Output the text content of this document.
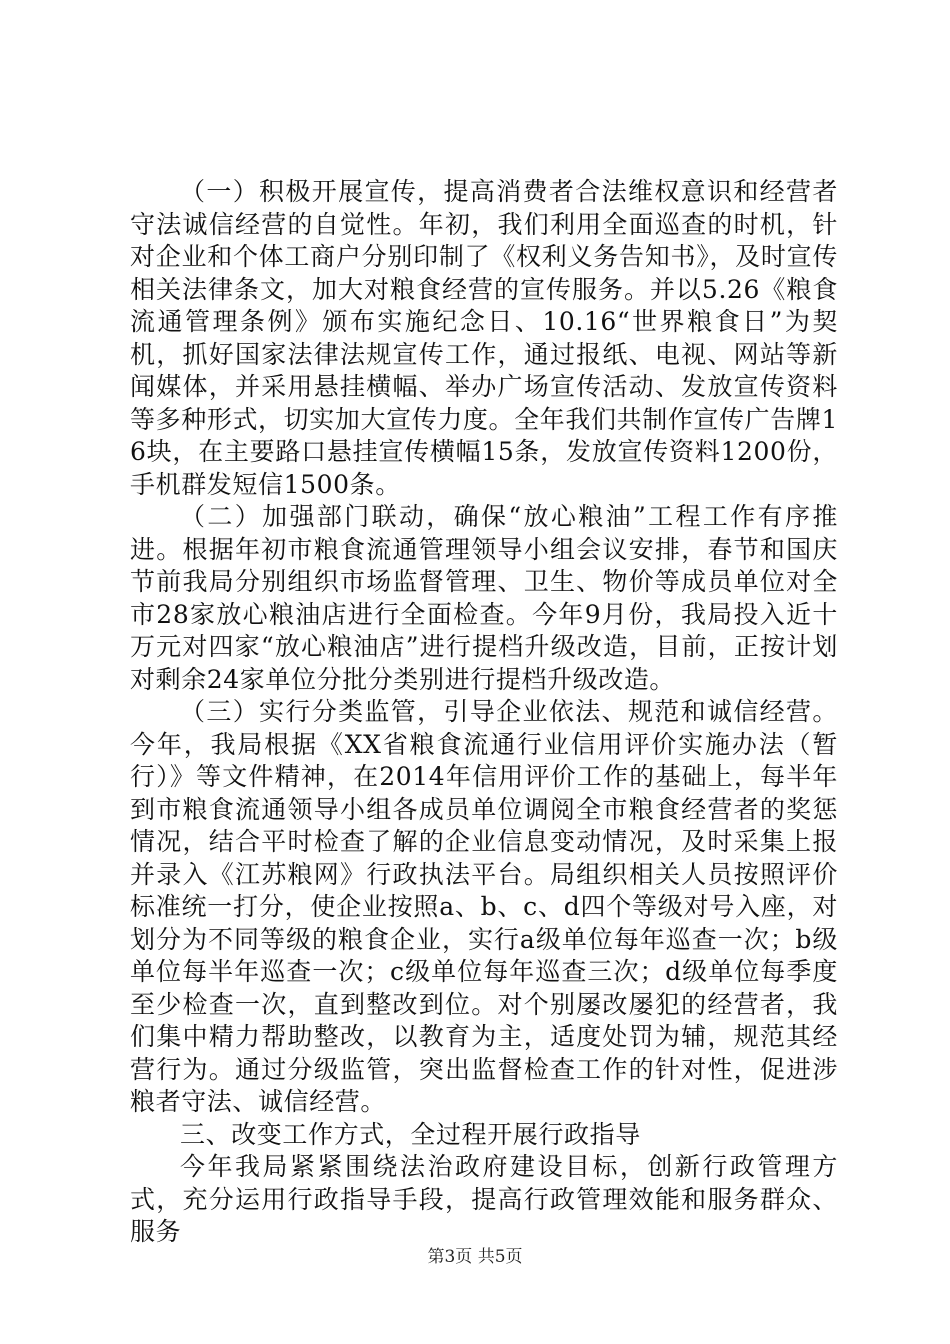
（一）积极开展宣传，提高消费者合法维权意识和经营者守法诚信经营的自觉性。年初，我们利用全面巡查的时机，针对企业和个体工商户分别印制了《权利义务告知书》，及时宣传相关法律条文，加大对粮食经营的宣传服务。并以5.26《粮食流通管理条例》颁布实施纪念日、10.16“世界粮食日”为契机，抓好国家法律法规宣传工作，通过报纸、电视、网站等新闻媒体，并采用悬挂横幅、举办广场宣传活动、发放宣传资料等多种形式，切实加大宣传力度。全年我们共制作宣传广告牌16块，在主要路口悬挂宣传横幅15条，发放宣传资料1200份，手机群发短信1500条。

（二）加强部门联动，确保“放心粮油”工程工作有序推进。根据年初市粮食流通管理领导小组会议安排，春节和国庆节前我局分别组织市场监督管理、卫生、物价等成员单位对全市28家放心粮油店进行全面检查。今年9月份，我局投入近十万元对四家“放心粮油店”进行提档升级改造，目前，正按计划对剩余24家单位分批分类别进行提档升级改造。

（三）实行分类监管，引导企业依法、规范和诚信经营。今年，我局根据《XX省粮食流通行业信用评价实施办法（暂行）》等文件精神，在2014年信用评价工作的基础上，每半年到市粮食流通领导小组各成员单位调阅全市粮食经营者的奖惩情况，结合平时检查了解的企业信息变动情况，及时采集上报并录入《江苏粮网》行政执法平台。局组织相关人员按照评价标准统一打分，使企业按照a、b、c、d四个等级对号入座，对划分为不同等级的粮食企业，实行a级单位每年巡查一次；b级单位每半年巡查一次；c级单位每年巡查三次；d级单位每季度至少检查一次，直到整改到位。对个别屡改屡犯的经营者，我们集中精力帮助整改，以教育为主，适度处罚为辅，规范其经营行为。通过分级监管，突出监督检查工作的针对性，促进涉粮者守法、诚信经营。

三、改变工作方式，全过程开展行政指导

今年我局紧紧围绕法治政府建设目标，创新行政管理方式，充分运用行政指导手段，提高行政管理效能和服务群众、服务

第3页 共5页
